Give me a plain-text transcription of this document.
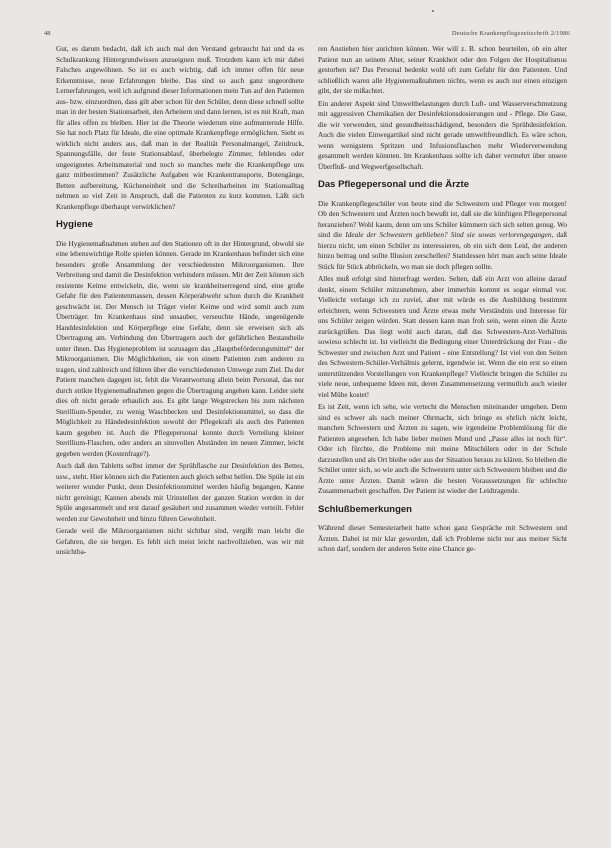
48	Deutsche Krankenpflegezeitschrift 2/1986

Gut, es darum bedacht, daß ich auch mal den Verstand gebraucht hat und da es Schulkrankung Hintergrundwissen anzueignen muß. Trotzdem kann ich mir dabei Falsches angewöhnen. So ist es auch wichtig, daß ich immer offen für neue Erkenntnisse, neue Erfahrungen bleibe. Das sind so auch ganz ungeordnete Lernerfahrungen, weil ich aufgrund dieser Informationen mein Tun auf den Patienten aus- bzw. einzuordnen, dass gilt aber schon für den Schüler, denn diese schnell sollte man in der besten Stationsarbeit, den Arbeitern und dann lernen, ist es mit Kraft, man für alles offen zu bleiben. Hier ist die Theorie wiederum eine aufmunternde Hilfe. Sie hat noch Platz für Ideale, die eine optimale Krankenpflege ermöglichen. Sieht es wirklich nicht anders aus, daß man in der Realität Personalmangel, Zeitdruck, Spannungsfälle, der feste Stationsablauf, überbelegte Zimmer, fehlendes oder ungeeignetes Arbeitsmaterial und noch so manches mehr die Krankenpflege uns ganz mitbestimmen? Zusätzliche Aufgaben wie Krankentransporte, Botengänge, Betten aufbereitung, Kücheneinheit und die Schreibarbeiten im Stationsalltag nehmen so viel Zeit in Anspruch, daß die Patienten zu kurz kommen. Läßt sich Krankenpflege überhaupt verwirklichen?

Hygiene

Die Hygienemaßnahmen stehen auf den Stationen oft in der Hintergrund, obwohl sie eine lebenswichtige Rolle spielen können. Gerade im Krankenhaus befindet sich eine besonders große Ansammlung der verschiedensten Mikroorganismen. Ihre Verbreitung und damit die Desinfektion verhindern müssen. Mit der Zeit können sich resistente Keime entwickeln, die, wenn sie krankheitserregend sind, eine große Gefahr für den Patientenmassen, dessen Körperabwehr schon durch die Krankheit geschwächt ist. Der Mensch ist Träger vieler Keime und wird somit auch zum Überträger. Im Krankenhaus sind unsauber, verseuchte Hände, ungenügende Handdesinfektion und Körperpflege eine Gefahr, denn sie erweisen sich als Übertragung am. Verbindung den Übertragern auch der gefährlichen Bestandteile unter ihnen. Das Hygieneproblem ist sozusagen das „Hauptbeförderungsmittel“ der Mikroorganismen. Die Möglichkeiten, sie von einem Patienten zum anderen zu tragen, sind zahlreich und führen über die verschiedensten Umwege zum Ziel. Da der Patient manchen dagegen ist, fehlt die Verantwortung allein beim Personal, das nur durch strikte Hygienemaßnahmen gegen die Übertragung angehen kann. Leider sieht dies oft nicht gerade erbaulich aus. Es gibt lange Wegstrecken bis zum nächsten Sterillium-Spender, zu wenig Waschbecken und Desinfektionsmittel, so dass die Möglichkeit zu Händedesinfektion sowohl der Pflegekraft als auch des Patienten kaum gegeben ist. Auch die Pflegepersonal konnte durch Verteilung kleiner Sterillium-Flaschen, oder anders an sinnvollen Abständen im neuen Zimmer, leicht gegeben werden (Kostenfrage?).

Auch daß den Tabletts selbst immer der Sprühflasche zur Desinfektion des Bettes, usw., steht. Hier können sich die Patienten auch gleich selbst helfen. Die Spüle ist ein weiterer wunder Punkt, denn Desinfektionsmittel werden häufig begangen, Kanne nicht gereinigt; Kannen abends mit Urinstellen der ganzen Station werden in der Spüle angesammelt und erst darauf gesäubert und zusammen wieder verteilt. Fehler werden zur Gewohnheit und hinzu führen Gewohnheit.

Gerade weil die Mikroorganismen nicht sichtbar sind, vergißt man leicht die Gefahren, die sie bergen. Es fehlt sich meist leicht nachvollziehen, was wir mit unsichtba-

ren Anstieben hier anrichten können. Wer will z. B. schon beurteilen, ob ein alter Patient nun an seinem Alter, seiner Krankheit oder den Folgen der Hospitalismus gestorben ist? Das Personal bedenkt wohl oft zum Gefahr für den Patienten. Und schließlich waren alle Hygienemaßnahmen nichts, wenn es auch nur einen einzigen gibt, der sie mißachtet.

Ein anderer Aspekt sind Umweltbelastungen durch Luft- und Wasserverschmutzung mit aggressiven Chemikalien der Desinfektionsdosierungen und - Pflege. Die Gase, die wir verwenden, sind gesundheitsschädigend, besonders die Sprühdesinfektion. Auch die vielen Einwegartikel sind nicht gerade umweltfreundlich. Es wäre schon, wenn wenigstens Spritzen und Infusionsflaschen mehr Wiederverwendung gesammelt werden könnten. Im Krankenhaus sollte ich daher vermehrt über unsere Überfluß- und Wegwerfgesellschaft.

Das Pflegepersonal und die Ärzte

Die Krankenpflegeschüler von heute sind die Schwestern und Pfleger von morgen! Ob den Schwestern und Ärzten noch bewußt ist, daß sie die künftigen Pflegepersonal heranziehen? Wohl kaum, denn um uns Schüler kümmern sich sich selten genug. Wo sind die Ideale der Schwestern geblieben? Sind sie sowas verlorengegangen, daß hierzu nicht, um einen Schüler zu interessieren, ob ein sich dem Leid, der anderen hinzu beitrag und sollte Illusion zerschellen? Stattdessen hört man auch seine Ideale Stück für Stück abbröckeln, wo man sie doch pflegen sollte.

Alles muß erfolgt sind hinterfragt werden. Selten, daß ein Arzt von alleine darauf denkt, einem Schüler mitzunehmen, aber immerhin kommt es sogar einmal vor. Vielleicht verlange ich zu zuviel, aber mit würde es die Ausbildung bestimmt erleichtern, wenn Schwestern und Ärzte etwas mehr Verständnis und Interesse für uns Schüler zeigen würden. Statt dessen kann man froh sein, wenn einen die Ärzte zurückgrüßen. Das liegt wohl auch daran, daß das Schwestern-Arzt-Verhältnis sowieso schlecht ist. Ist vielleicht die Bedingung einer Unterdrückung der Frau - die Schwester und zwischen Arzt und Patient - eine Entstellung? Ist viel von den Seiten des Schwestern-Schüler-Verhältnis gelernt, irgendwie ist. Wenn die ein erst so einen unterstützenden Vorstellungen von Krankenpflege? Vielleicht bringen die Schüler zu viele neue, unbequeme Ideen mit, deren Zusammensetzung vermutlich auch wieder viel Mühe kostet!

Es ist Zeit, wenn ich sehe, wie vertecht die Menschen miteinander umgehen. Denn sind es schwer als nach meiner Ohrmacht, sich bringe es ehrlich nicht leicht, manchen Schwestern und Ärzten zu sagen, wie irgendeine Problemlösung für die Patienten angesehen. Ich habe lieber meinen Mund und „Passe alles ist noch für“. Oder ich fürchte, die Probleme mit meine Mitschülern oder in der Schule darzustellen und als Ort bleibe oder aus der Situation heraus zu klären. So bleiben die Schüler unter sich, so wie auch die Schwestern unter sich Schwestern bleiben und die Ärzte unter Ärzten. Damit wären die besten Voraussetzungen für schlechte Zusammenarbeit geschaffen. Der Patient ist wieder der Leidtragende.

Schlußbemerkungen

Während dieser Semesterarbeit hatte schon ganz Gespräche mit Schwestern und Ärzten. Dabei ist mir klar geworden, daß ich Probleme nicht nur aus meiner Sicht schon darf, sondern der anderen Seite eine Chance ge-
